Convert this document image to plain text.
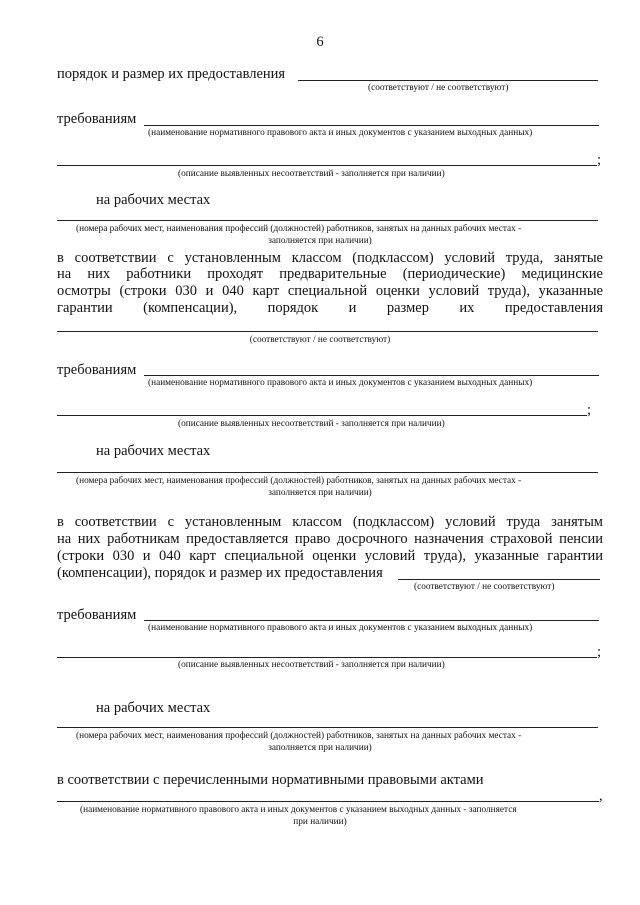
6
порядок и размер их предоставления
(соответствуют / не соответствуют)
требованиям
(наименование нормативного правового акта и иных документов с указанием выходных данных)
;
(описание выявленных несоответствий - заполняется при наличии)
на рабочих местах
(номера рабочих мест, наименования профессий (должностей) работников, занятых на данных рабочих местах -
заполняется при наличии)
в соответствии с установленным классом (подклассом) условий труда, занятые
на них работники проходят предварительные (периодические) медицинские
осмотры (строки 030 и 040 карт специальной оценки условий труда), указанные
гарантии (компенсации), порядок и размер их предоставления
(соответствуют / не соответствуют)
требованиям
(наименование нормативного правового акта и иных документов с указанием выходных данных)
;
(описание выявленных несоответствий - заполняется при наличии)
на рабочих местах
(номера рабочих мест, наименования профессий (должностей) работников, занятых на данных рабочих местах -
заполняется при наличии)
в соответствии с установленным классом (подклассом) условий труда занятым
на них работникам предоставляется право досрочного назначения страховой пенсии
(строки 030 и 040 карт специальной оценки условий труда), указанные гарантии
(компенсации), порядок и размер их предоставления
(соответствуют / не соответствуют)
требованиям
(наименование нормативного правового акта и иных документов с указанием выходных данных)
;
(описание выявленных несоответствий - заполняется при наличии)
на рабочих местах
(номера рабочих мест, наименования профессий (должностей) работников, занятых на данных рабочих местах -
заполняется при наличии)
в соответствии с перечисленными нормативными правовыми актами
,
(наименование нормативного правового акта и иных документов с указанием выходных данных - заполняется
при наличии)
